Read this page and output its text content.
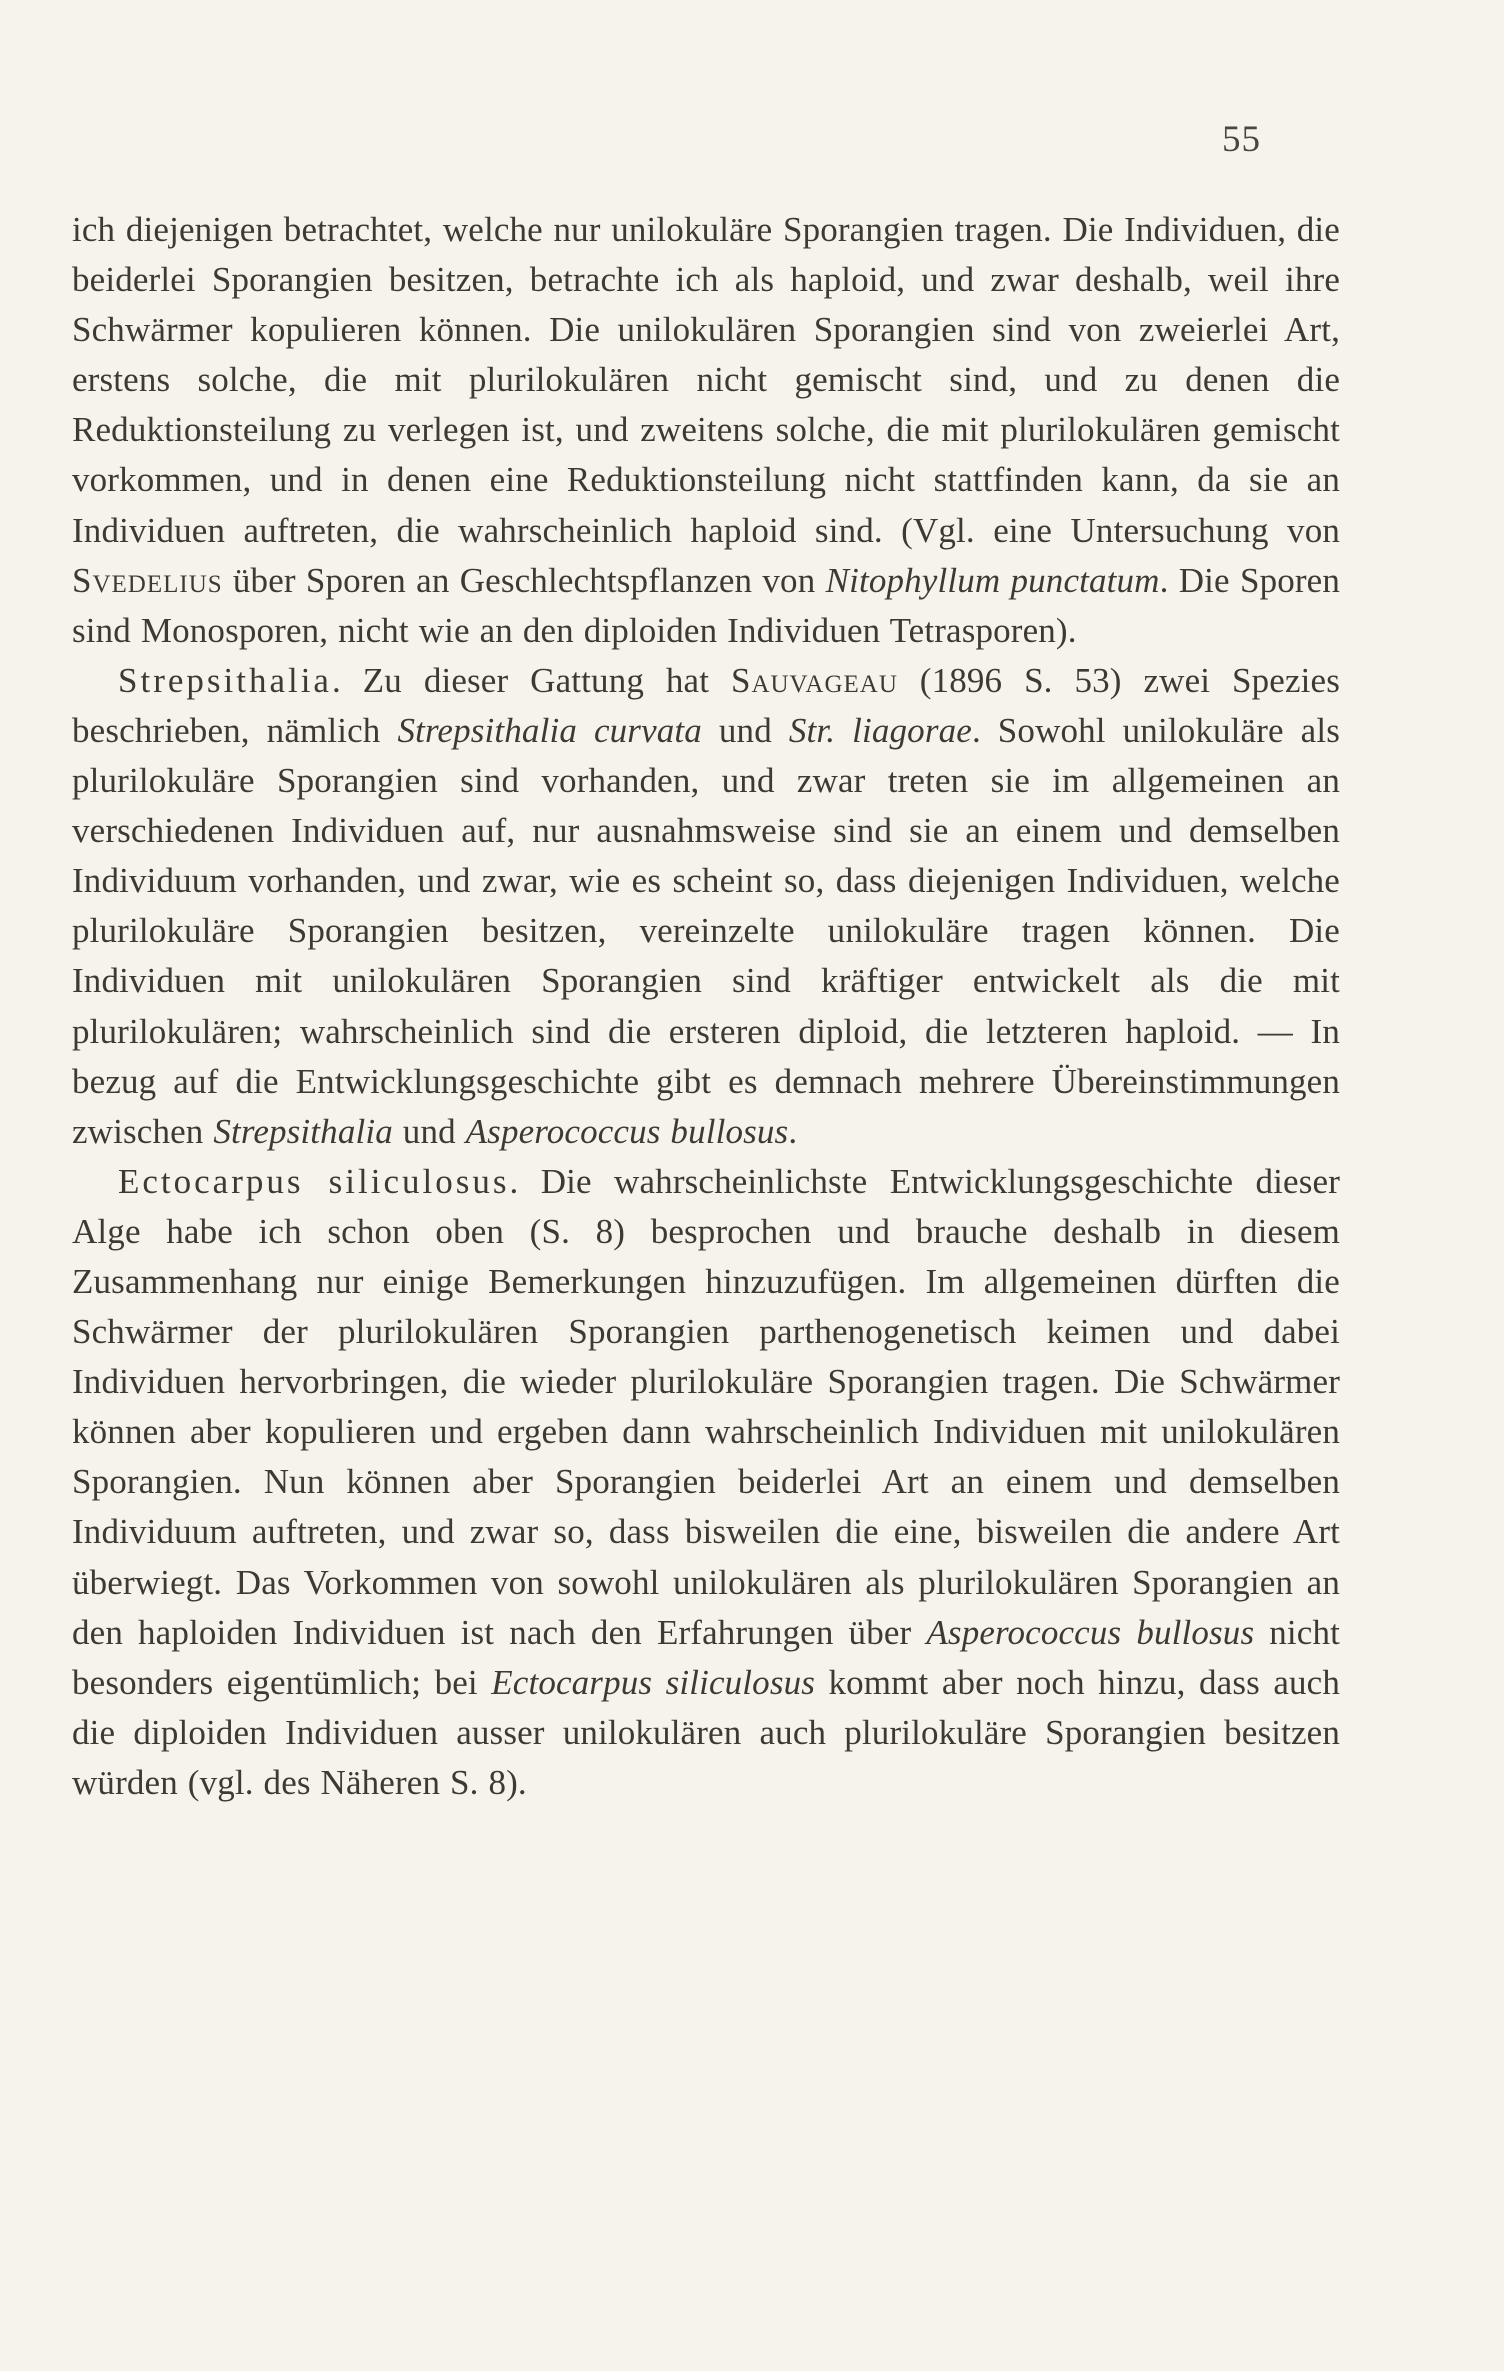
55

ich diejenigen betrachtet, welche nur unilokuläre Sporangien tragen. Die Individuen, die beiderlei Sporangien besitzen, betrachte ich als haploid, und zwar deshalb, weil ihre Schwärmer kopulieren können. Die unilokulären Sporangien sind von zweierlei Art, erstens solche, die mit plurilokulären nicht gemischt sind, und zu denen die Reduktionsteilung zu verlegen ist, und zweitens solche, die mit plurilokulären gemischt vorkommen, und in denen eine Reduktionsteilung nicht stattfinden kann, da sie an Individuen auftreten, die wahrscheinlich haploid sind. (Vgl. eine Untersuchung von Svedelius über Sporen an Geschlechtspflanzen von Nitophyllum punctatum. Die Sporen sind Monosporen, nicht wie an den diploiden Individuen Tetrasporen).

Strepsithalia. Zu dieser Gattung hat Sauvageau (1896 S. 53) zwei Spezies beschrieben, nämlich Strepsithalia curvata und Str. liagorae. Sowohl unilokuläre als plurilokuläre Sporangien sind vorhanden, und zwar treten sie im allgemeinen an verschiedenen Individuen auf, nur ausnahmsweise sind sie an einem und demselben Individuum vorhanden, und zwar, wie es scheint so, dass diejenigen Individuen, welche plurilokuläre Sporangien besitzen, vereinzelte unilokuläre tragen können. Die Individuen mit unilokulären Sporangien sind kräftiger entwickelt als die mit plurilokulären; wahrscheinlich sind die ersteren diploid, die letzteren haploid. — In bezug auf die Entwicklungsgeschichte gibt es demnach mehrere Übereinstimmungen zwischen Strepsithalia und Asperococcus bullosus.

Ectocarpus siliculosus. Die wahrscheinlichste Entwicklungsgeschichte dieser Alge habe ich schon oben (S. 8) besprochen und brauche deshalb in diesem Zusammenhang nur einige Bemerkungen hinzuzufügen. Im allgemeinen dürften die Schwärmer der plurilokulären Sporangien parthenogenetisch keimen und dabei Individuen hervorbringen, die wieder plurilokuläre Sporangien tragen. Die Schwärmer können aber kopulieren und ergeben dann wahrscheinlich Individuen mit unilokulären Sporangien. Nun können aber Sporangien beiderlei Art an einem und demselben Individuum auftreten, und zwar so, dass bisweilen die eine, bisweilen die andere Art überwiegt. Das Vorkommen von sowohl unilokulären als plurilokulären Sporangien an den haploiden Individuen ist nach den Erfahrungen über Asperococcus bullosus nicht besonders eigentümlich; bei Ectocarpus siliculosus kommt aber noch hinzu, dass auch die diploiden Individuen ausser unilokulären auch plurilokuläre Sporangien besitzen würden (vgl. des Näheren S. 8).
